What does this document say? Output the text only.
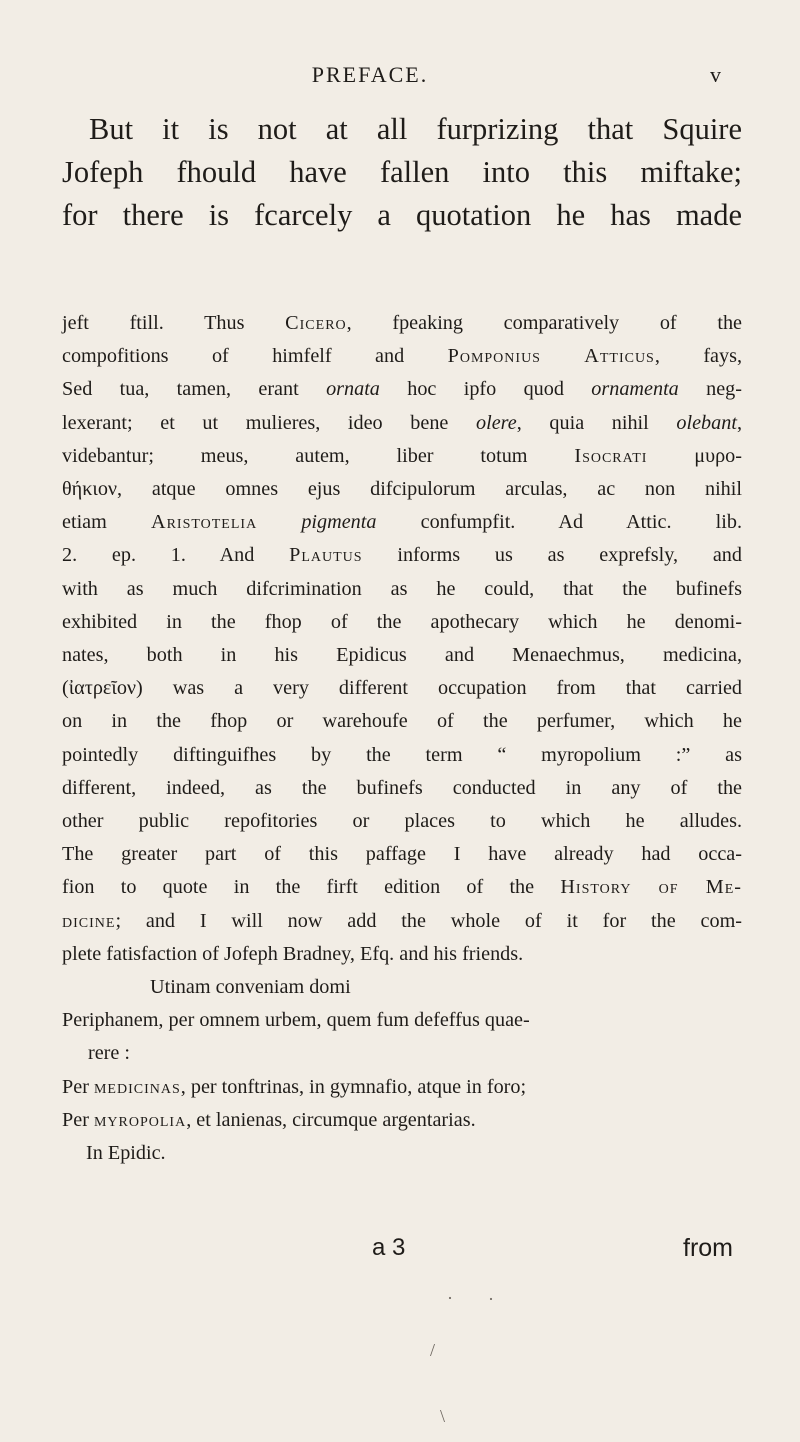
PREFACE.	v
But it is not at all furprizing that Squire
Jofeph fhould have fallen into this miftake;
for there is fcarcely a quotation he has made
jeft ftill. Thus Cicero, fpeaking comparatively of the
compofitions of himfelf and Pomponius Atticus, fays,
Sed tua, tamen, erant ornata hoc ipfo quod ornamenta neg-
lexerant; et ut mulieres, ideo bene olere, quia nihil olebant,
videbantur; meus, autem, liber totum Isocrati μυρο-
θήκιον, atque omnes ejus difcipulorum arculas, ac non nihil
etiam Aristotelia pigmenta confumpfit. Ad Attic. lib.
2. ep. 1. And Plautus informs us as exprefsly, and
with as much difcrimination as he could, that the bufinefs
exhibited in the fhop of the apothecary which he denomi-
nates, both in his Epidicus and Menaechmus, medicina,
(ἰατρεῖον) was a very different occupation from that carried
on in the fhop or warehoufe of the perfumer, which he
pointedly diftinguifhes by the term “ myropolium :” as
different, indeed, as the bufinefs conducted in any of the
other public repofitories or places to which he alludes.
The greater part of this paffage I have already had occa-
fion to quote in the firft edition of the History of Me-
dicine; and I will now add the whole of it for the com-
plete fatisfaction of Jofeph Bradney, Efq. and his friends.
Utinam conveniam domi
Periphanem, per omnem urbem, quem fum defeffus quae-
rere :
Per medicinas, per tonftrinas, in gymnafio, atque in foro;
Per myropolia, et lanienas, circumque argentarias.
In Epidic.
a 3	from
·
/
\
·
